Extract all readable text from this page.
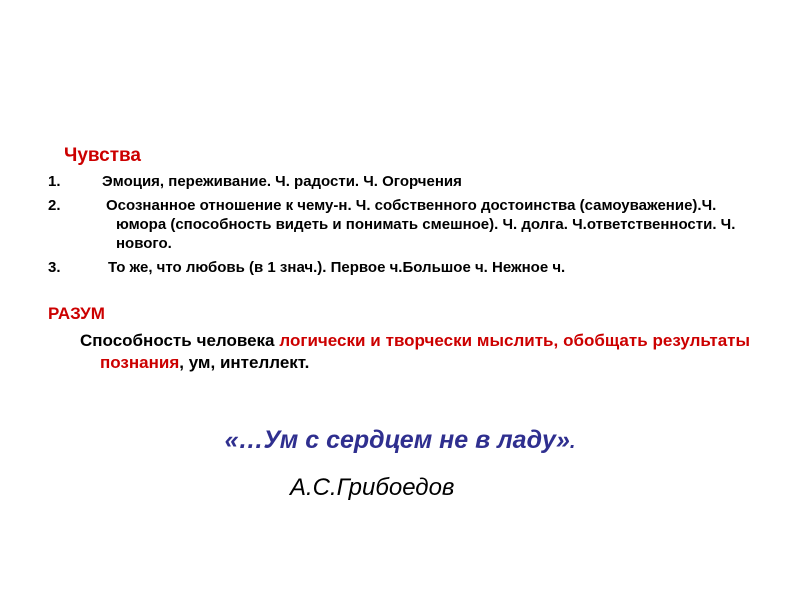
Чувства
1.	Эмоция, переживание. Ч. радости. Ч. Огорчения
2.	Осознанное отношение к чему-н. Ч. собственного достоинства (самоуважение).Ч. юмора (способность видеть и понимать смешное). Ч. долга. Ч.ответственности. Ч. нового.
3.	То же, что любовь (в 1 знач.). Первое ч.Большое ч. Нежное ч.
РАЗУМ
Способность человека логически и творчески мыслить, обобщать результаты познания, ум, интеллект.
«…Ум с сердцем не в ладу».
А.С.Грибоедов
